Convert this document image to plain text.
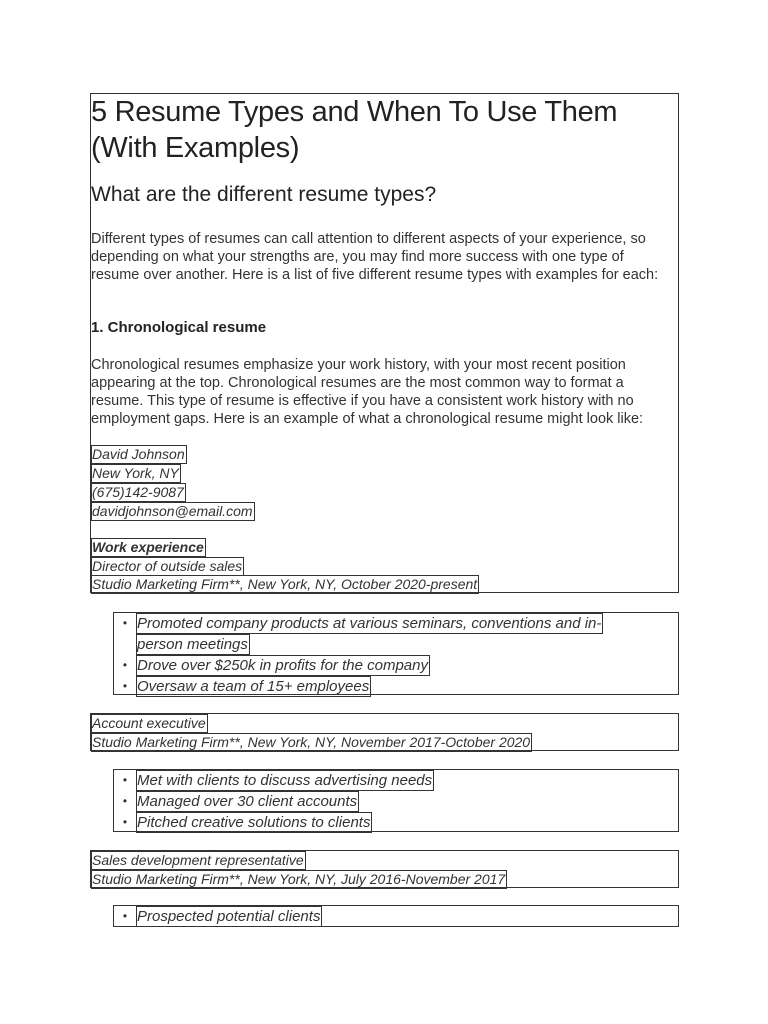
5 Resume Types and When To Use Them (With Examples)
What are the different resume types?

Different types of resumes can call attention to different aspects of your experience, so depending on what your strengths are, you may find more success with one type of resume over another. Here is a list of five different resume types with examples for each:

1. Chronological resume

Chronological resumes emphasize your work history, with your most recent position appearing at the top. Chronological resumes are the most common way to format a resume. This type of resume is effective if you have a consistent work history with no employment gaps. Here is an example of what a chronological resume might look like:

David Johnson
New York, NY
(675)142-9087
davidjohnson@email.com
Work experience
Director of outside sales
Studio Marketing Firm**, New York, NY, October 2020-present
• Promoted company products at various seminars, conventions and in-
person meetings
• Drove over $250k in profits for the company
• Oversaw a team of 15+ employees
Account executive
Studio Marketing Firm**, New York, NY, November 2017-October 2020
• Met with clients to discuss advertising needs
• Managed over 30 client accounts
• Pitched creative solutions to clients
Sales development representative
Studio Marketing Firm**, New York, NY, July 2016-November 2017
• Prospected potential clients
